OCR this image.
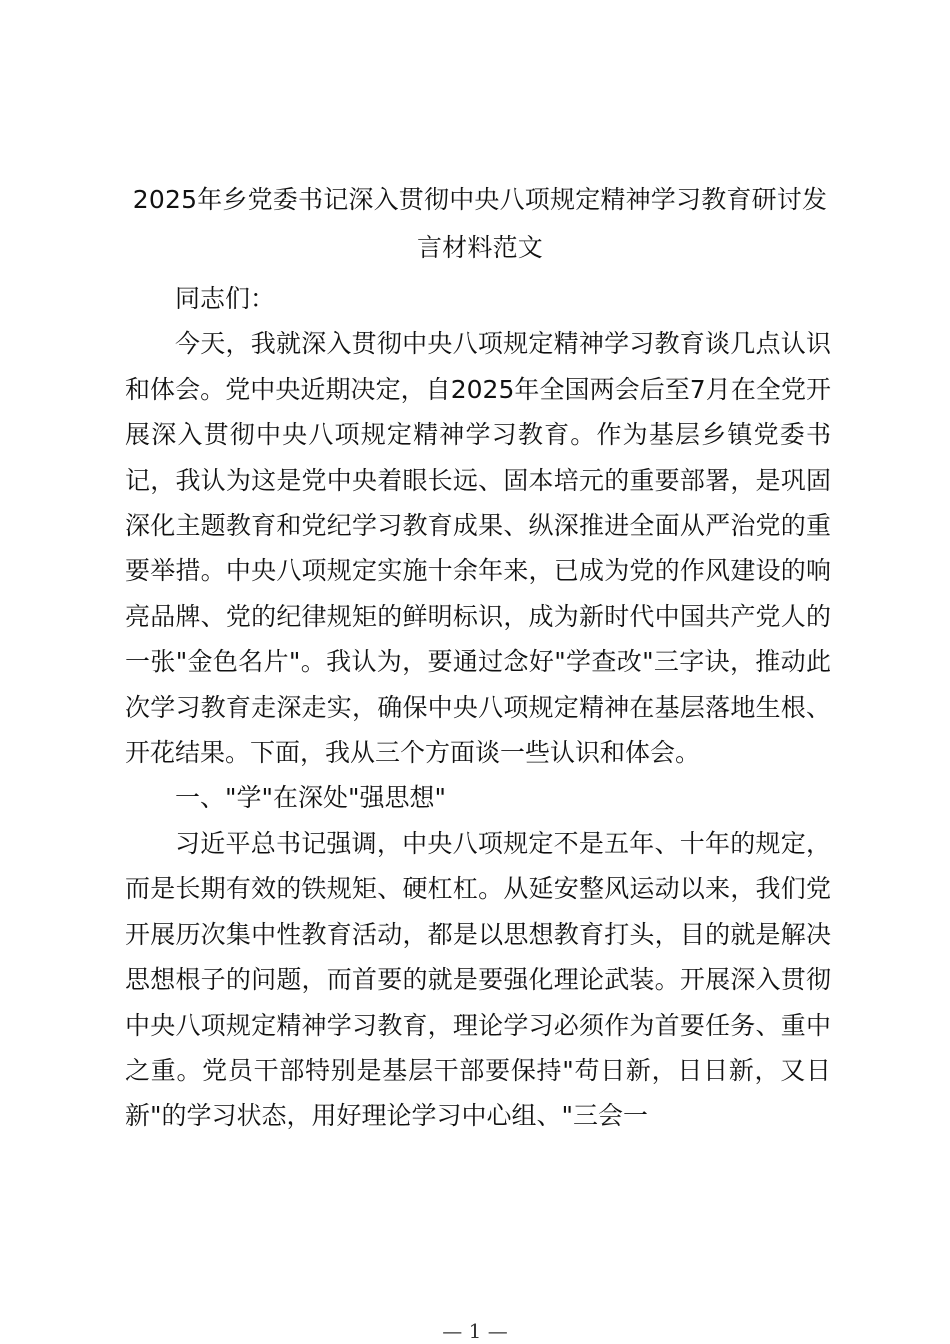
2025年乡党委书记深入贯彻中央八项规定精神学习教育研讨发言材料范文

同志们：

今天，我就深入贯彻中央八项规定精神学习教育谈几点认识和体会。党中央近期决定，自2025年全国两会后至7月在全党开展深入贯彻中央八项规定精神学习教育。作为基层乡镇党委书记，我认为这是党中央着眼长远、固本培元的重要部署，是巩固深化主题教育和党纪学习教育成果、纵深推进全面从严治党的重要举措。中央八项规定实施十余年来，已成为党的作风建设的响亮品牌、党的纪律规矩的鲜明标识，成为新时代中国共产党人的一张"金色名片"。我认为，要通过念好"学查改"三字诀，推动此次学习教育走深走实，确保中央八项规定精神在基层落地生根、开花结果。下面，我从三个方面谈一些认识和体会。

一、"学"在深处"强思想"

习近平总书记强调，中央八项规定不是五年、十年的规定，而是长期有效的铁规矩、硬杠杠。从延安整风运动以来，我们党开展历次集中性教育活动，都是以思想教育打头，目的就是解决思想根子的问题，而首要的就是要强化理论武装。开展深入贯彻中央八项规定精神学习教育，理论学习必须作为首要任务、重中之重。党员干部特别是基层干部要保持"苟日新，日日新，又日新"的学习状态，用好理论学习中心组、"三会一

— 1 —
